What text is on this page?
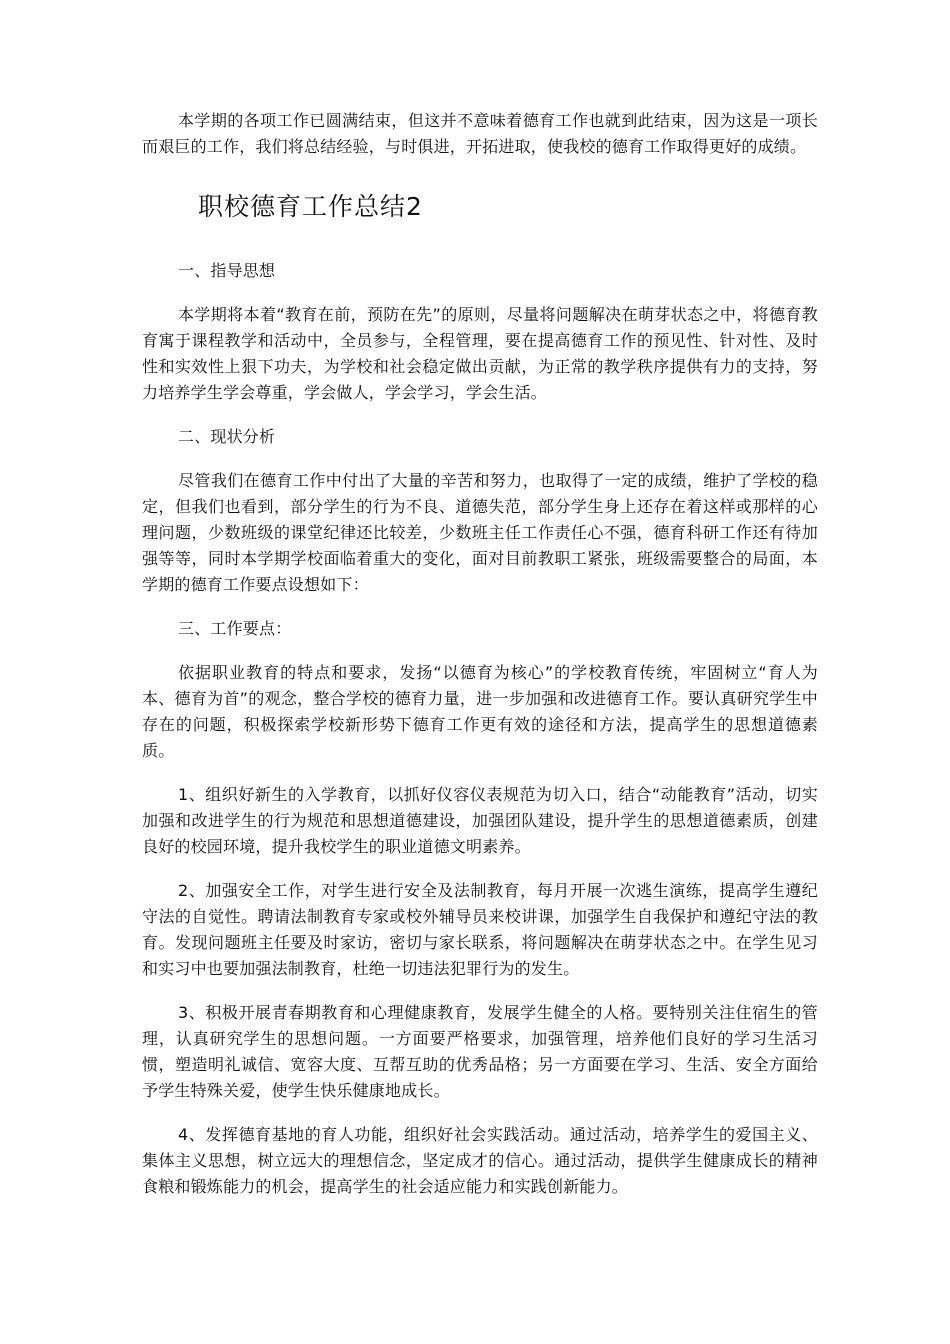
本学期的各项工作已圆满结束，但这并不意味着德育工作也就到此结束，因为这是一项长而艰巨的工作，我们将总结经验，与时俱进，开拓进取，使我校的德育工作取得更好的成绩。

职校德育工作总结2

一、指导思想

本学期将本着“教育在前，预防在先”的原则，尽量将问题解决在萌芽状态之中，将德育教育寓于课程教学和活动中，全员参与，全程管理，要在提高德育工作的预见性、针对性、及时性和实效性上狠下功夫，为学校和社会稳定做出贡献，为正常的教学秩序提供有力的支持，努力培养学生学会尊重，学会做人，学会学习，学会生活。

二、现状分析

尽管我们在德育工作中付出了大量的辛苦和努力，也取得了一定的成绩，维护了学校的稳定，但我们也看到，部分学生的行为不良、道德失范，部分学生身上还存在着这样或那样的心理问题，少数班级的课堂纪律还比较差，少数班主任工作责任心不强，德育科研工作还有待加强等等，同时本学期学校面临着重大的变化，面对目前教职工紧张，班级需要整合的局面，本学期的德育工作要点设想如下：

三、工作要点：

依据职业教育的特点和要求，发扬“以德育为核心”的学校教育传统，牢固树立“育人为本、德育为首”的观念，整合学校的德育力量，进一步加强和改进德育工作。要认真研究学生中存在的问题，积极探索学校新形势下德育工作更有效的途径和方法，提高学生的思想道德素质。

1、组织好新生的入学教育，以抓好仪容仪表规范为切入口，结合“动能教育”活动，切实加强和改进学生的行为规范和思想道德建设，加强团队建设，提升学生的思想道德素质，创建良好的校园环境，提升我校学生的职业道德文明素养。

2、加强安全工作，对学生进行安全及法制教育，每月开展一次逃生演练，提高学生遵纪守法的自觉性。聘请法制教育专家或校外辅导员来校讲课，加强学生自我保护和遵纪守法的教育。发现问题班主任要及时家访，密切与家长联系，将问题解决在萌芽状态之中。在学生见习和实习中也要加强法制教育，杜绝一切违法犯罪行为的发生。

3、积极开展青春期教育和心理健康教育，发展学生健全的人格。要特别关注住宿生的管理，认真研究学生的思想问题。一方面要严格要求，加强管理，培养他们良好的学习生活习惯，塑造明礼诚信、宽容大度、互帮互助的优秀品格；另一方面要在学习、生活、安全方面给予学生特殊关爱，使学生快乐健康地成长。

4、发挥德育基地的育人功能，组织好社会实践活动。通过活动，培养学生的爱国主义、集体主义思想，树立远大的理想信念，坚定成才的信心。通过活动，提供学生健康成长的精神食粮和锻炼能力的机会，提高学生的社会适应能力和实践创新能力。
